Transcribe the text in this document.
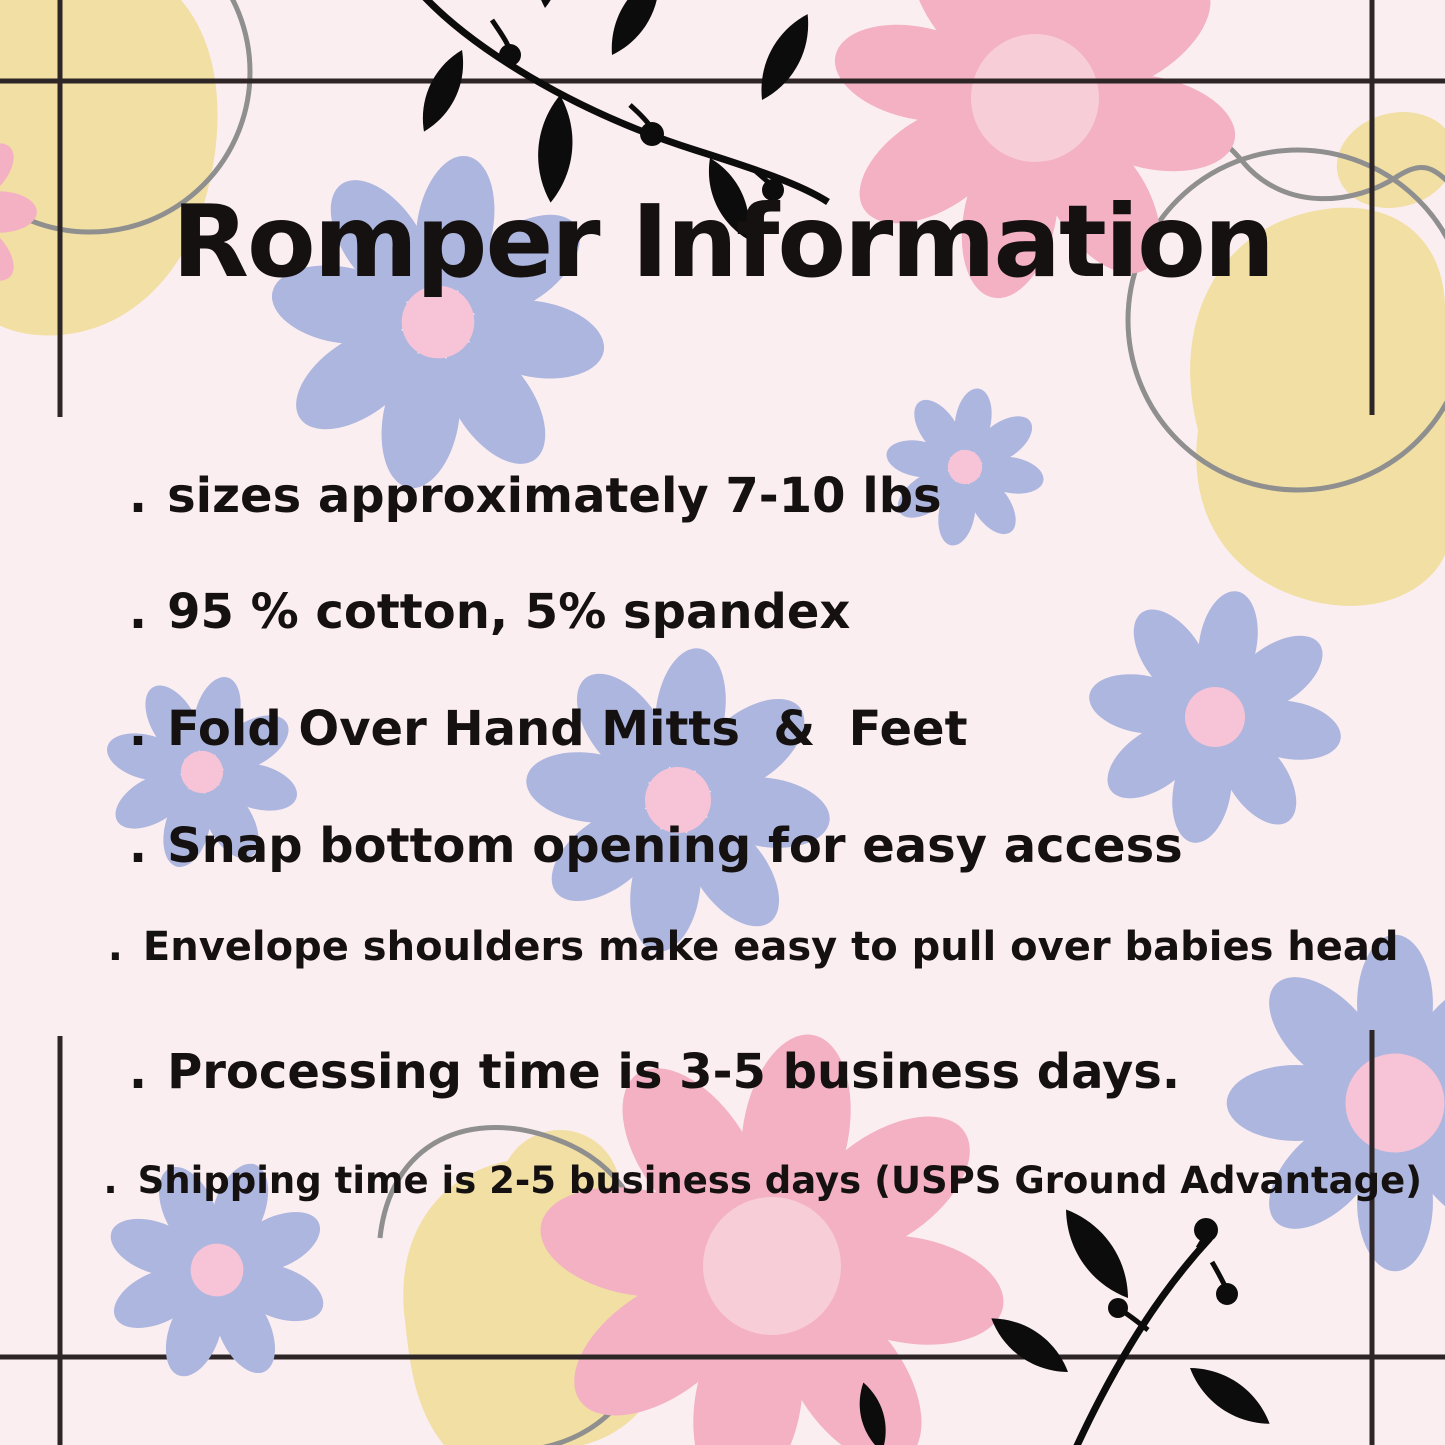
Romper Information

. sizes approximately 7-10 lbs

. 95 % cotton, 5% spandex

. Fold Over Hand Mitts  &  Feet

. Snap bottom opening for easy access

. Envelope shoulders make easy to pull over babies head

. Processing time is 3-5 business days.

. Shipping time is 2-5 business days (USPS Ground Advantage)
